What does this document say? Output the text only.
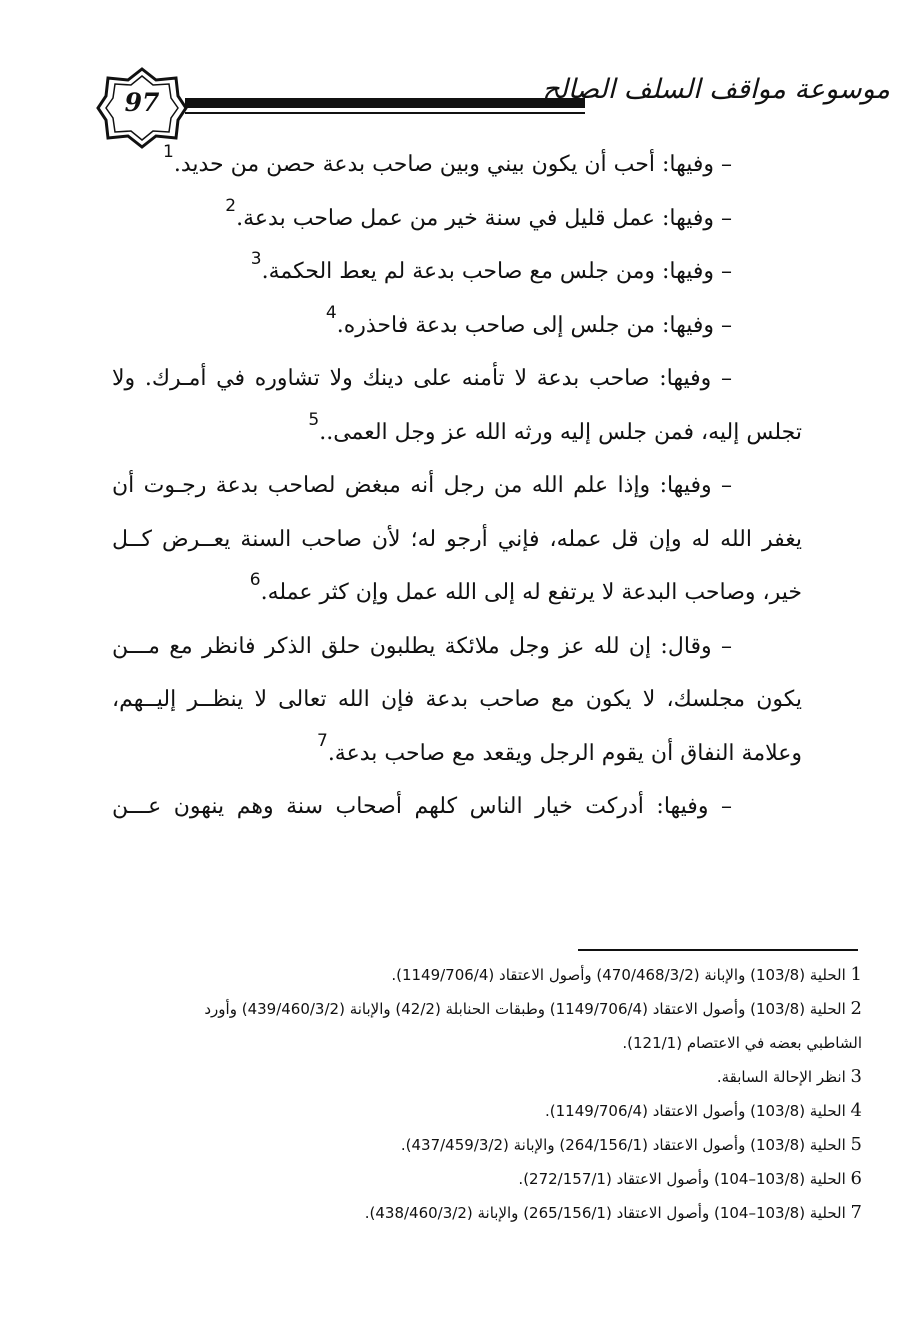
97	موسوعة مواقف السلف الصالح
– وفيها: أحب أن يكون بيني وبين صاحب بدعة حصن من حديد.$^1$
– وفيها: عمل قليل في سنة خير من عمل صاحب بدعة.$^2$
– وفيها: ومن جلس مع صاحب بدعة لم يعط الحكمة.$^3$
– وفيها: من جلس إلى صاحب بدعة فاحذره.$^4$
– وفيها: صاحب بدعة لا تأمنه على دينك ولا تشاوره في أمـرك. ولا
تجلس إليه، فمن جلس إليه ورثه الله عز وجل العمى..$^5$
– وفيها: وإذا علم الله من رجل أنه مبغض لصاحب بدعة رجـوت أن
يغفر الله له وإن قل عمله، فإني أرجو له؛ لأن صاحب السنة يعــرض كــل
خير، وصاحب البدعة لا يرتفع له إلى الله عمل وإن كثر عمله.$^6$
– وقال: إن لله عز وجل ملائكة يطلبون حلق الذكر فانظر مع مـــن
يكون مجلسك، لا يكون مع صاحب بدعة فإن الله تعالى لا ينظــر إليــهم،
وعلامة النفاق أن يقوم الرجل ويقعد مع صاحب بدعة.$^7$
– وفيها: أدركت خيار الناس كلهم أصحاب سنة وهم ينهون عـــن
1 الحلية (103/8) والإبانة (470/468/3/2) وأصول الاعتقاد (1149/706/4).
2 الحلية (103/8) وأصول الاعتقاد (1149/706/4) وطبقات الحنابلة (42/2) والإبانة (439/460/3/2) وأورد
الشاطبي بعضه في الاعتصام (121/1).
3 انظر الإحالة السابقة.
4 الحلية (103/8) وأصول الاعتقاد (1149/706/4).
5 الحلية (103/8) وأصول الاعتقاد (264/156/1) والإبانة (437/459/3/2).
6 الحلية (103/8–104) وأصول الاعتقاد (272/157/1).
7 الحلية (103/8–104) وأصول الاعتقاد (265/156/1) والإبانة (438/460/3/2).
